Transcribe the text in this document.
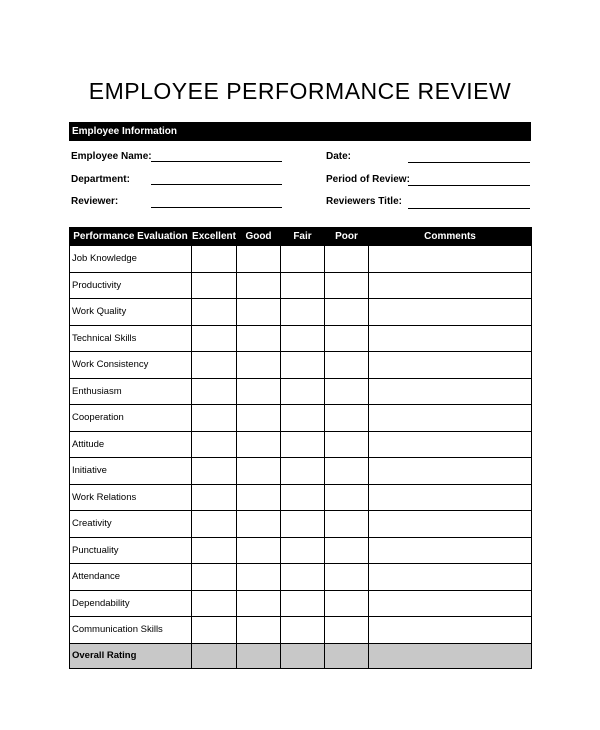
EMPLOYEE PERFORMANCE REVIEW
Employee Information
Employee Name:
Department:
Reviewer:
Date:
Period of Review:
Reviewers Title:
Performance Evaluation	Excellent	Good	Fair	Poor	Comments
Job Knowledge					
Productivity					
Work Quality					
Technical Skills					
Work Consistency					
Enthusiasm					
Cooperation					
Attitude					
Initiative					
Work Relations					
Creativity					
Punctuality					
Attendance					
Dependability					
Communication Skills					
Overall Rating					
